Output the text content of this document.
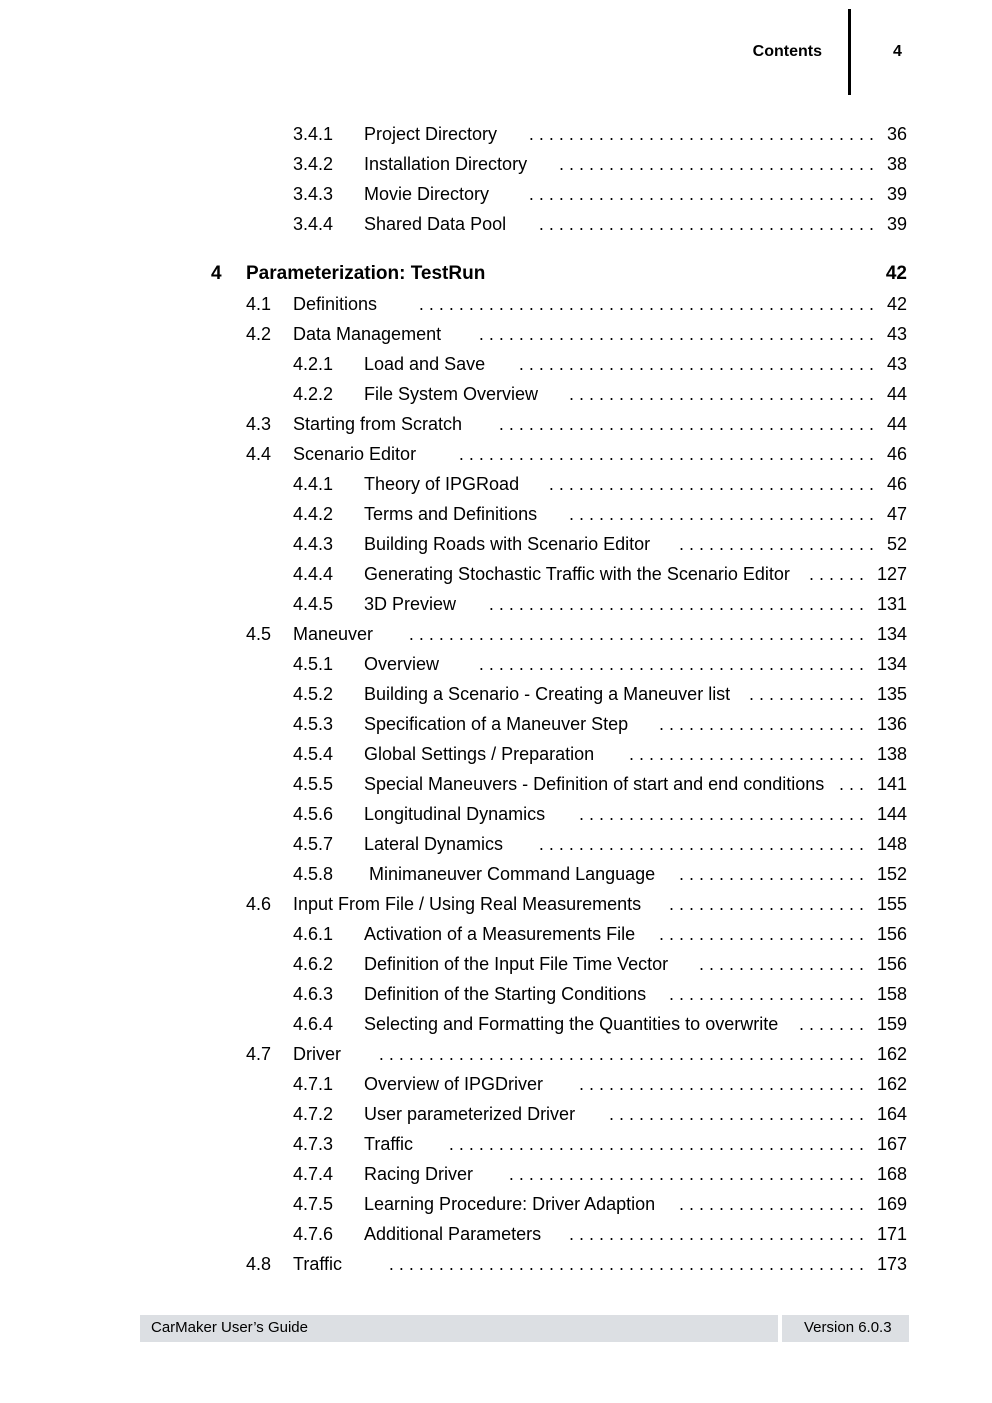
Contents	4
3.4.1 Project Directory	. . . . . . . . . . . . . . . . . . . . . . . . . . . . . . . . . . . 36
3.4.2 Installation Directory	. . . . . . . . . . . . . . . . . . . . . . . . . . . . . . . . 38
3.4.3 Movie Directory	. . . . . . . . . . . . . . . . . . . . . . . . . . . . . . . . . . . 39
3.4.4 Shared Data Pool	. . . . . . . . . . . . . . . . . . . . . . . . . . . . . . . . . . 39
4 Parameterization: TestRun	42
4.1 Definitions	. . . . . . . . . . . . . . . . . . . . . . . . . . . . . . . . . . . . . . . . . . . . . . 42
4.2 Data Management	. . . . . . . . . . . . . . . . . . . . . . . . . . . . . . . . . . . . . . . . 43
4.2.1 Load and Save	. . . . . . . . . . . . . . . . . . . . . . . . . . . . . . . . . . . . 43
4.2.2 File System Overview	. . . . . . . . . . . . . . . . . . . . . . . . . . . . . . . 44
4.3 Starting from Scratch	. . . . . . . . . . . . . . . . . . . . . . . . . . . . . . . . . . . . . . 44
4.4 Scenario Editor	. . . . . . . . . . . . . . . . . . . . . . . . . . . . . . . . . . . . . . . . . . 46
4.4.1 Theory of IPGRoad	. . . . . . . . . . . . . . . . . . . . . . . . . . . . . . . . . 46
4.4.2 Terms and Definitions	. . . . . . . . . . . . . . . . . . . . . . . . . . . . . . . 47
4.4.3 Building Roads with Scenario Editor	. . . . . . . . . . . . . . . . . . . . 52
4.4.4 Generating Stochastic Traffic with the Scenario Editor	. . . . . . 127
4.4.5 3D Preview	. . . . . . . . . . . . . . . . . . . . . . . . . . . . . . . . . . . . . . 131
4.5 Maneuver	. . . . . . . . . . . . . . . . . . . . . . . . . . . . . . . . . . . . . . . . . . . . . . 134
4.5.1 Overview	. . . . . . . . . . . . . . . . . . . . . . . . . . . . . . . . . . . . . . . 134
4.5.2 Building a Scenario - Creating a Maneuver list	. . . . . . . . . . . . 135
4.5.3 Specification of a Maneuver Step	. . . . . . . . . . . . . . . . . . . . . 136
4.5.4 Global Settings / Preparation	. . . . . . . . . . . . . . . . . . . . . . . . 138
4.5.5 Special Maneuvers - Definition of start and end conditions . . . 141
4.5.6 Longitudinal Dynamics	. . . . . . . . . . . . . . . . . . . . . . . . . . . . . 144
4.5.7 Lateral Dynamics	. . . . . . . . . . . . . . . . . . . . . . . . . . . . . . . . . 148
4.5.8 Minimaneuver Command Language	. . . . . . . . . . . . . . . . . . . 152
4.6 Input From File / Using Real Measurements	. . . . . . . . . . . . . . . . . . . . 155
4.6.1 Activation of a Measurements File	. . . . . . . . . . . . . . . . . . . . . 156
4.6.2 Definition of the Input File Time Vector	. . . . . . . . . . . . . . . . . 156
4.6.3 Definition of the Starting Conditions	. . . . . . . . . . . . . . . . . . . . 158
4.6.4 Selecting and Formatting the Quantities to overwrite	. . . . . . . 159
4.7 Driver	. . . . . . . . . . . . . . . . . . . . . . . . . . . . . . . . . . . . . . . . . . . . . . . . . 162
4.7.1 Overview of IPGDriver	. . . . . . . . . . . . . . . . . . . . . . . . . . . . . 162
4.7.2 User parameterized Driver	. . . . . . . . . . . . . . . . . . . . . . . . . . 164
4.7.3 Traffic	. . . . . . . . . . . . . . . . . . . . . . . . . . . . . . . . . . . . . . . . . . 167
4.7.4 Racing Driver	. . . . . . . . . . . . . . . . . . . . . . . . . . . . . . . . . . . . 168
4.7.5 Learning Procedure: Driver Adaption	. . . . . . . . . . . . . . . . . . . 169
4.7.6 Additional Parameters	. . . . . . . . . . . . . . . . . . . . . . . . . . . . . . 171
4.8 Traffic	. . . . . . . . . . . . . . . . . . . . . . . . . . . . . . . . . . . . . . . . . . . . . . . . 173
CarMaker User’s Guide	Version 6.0.3
